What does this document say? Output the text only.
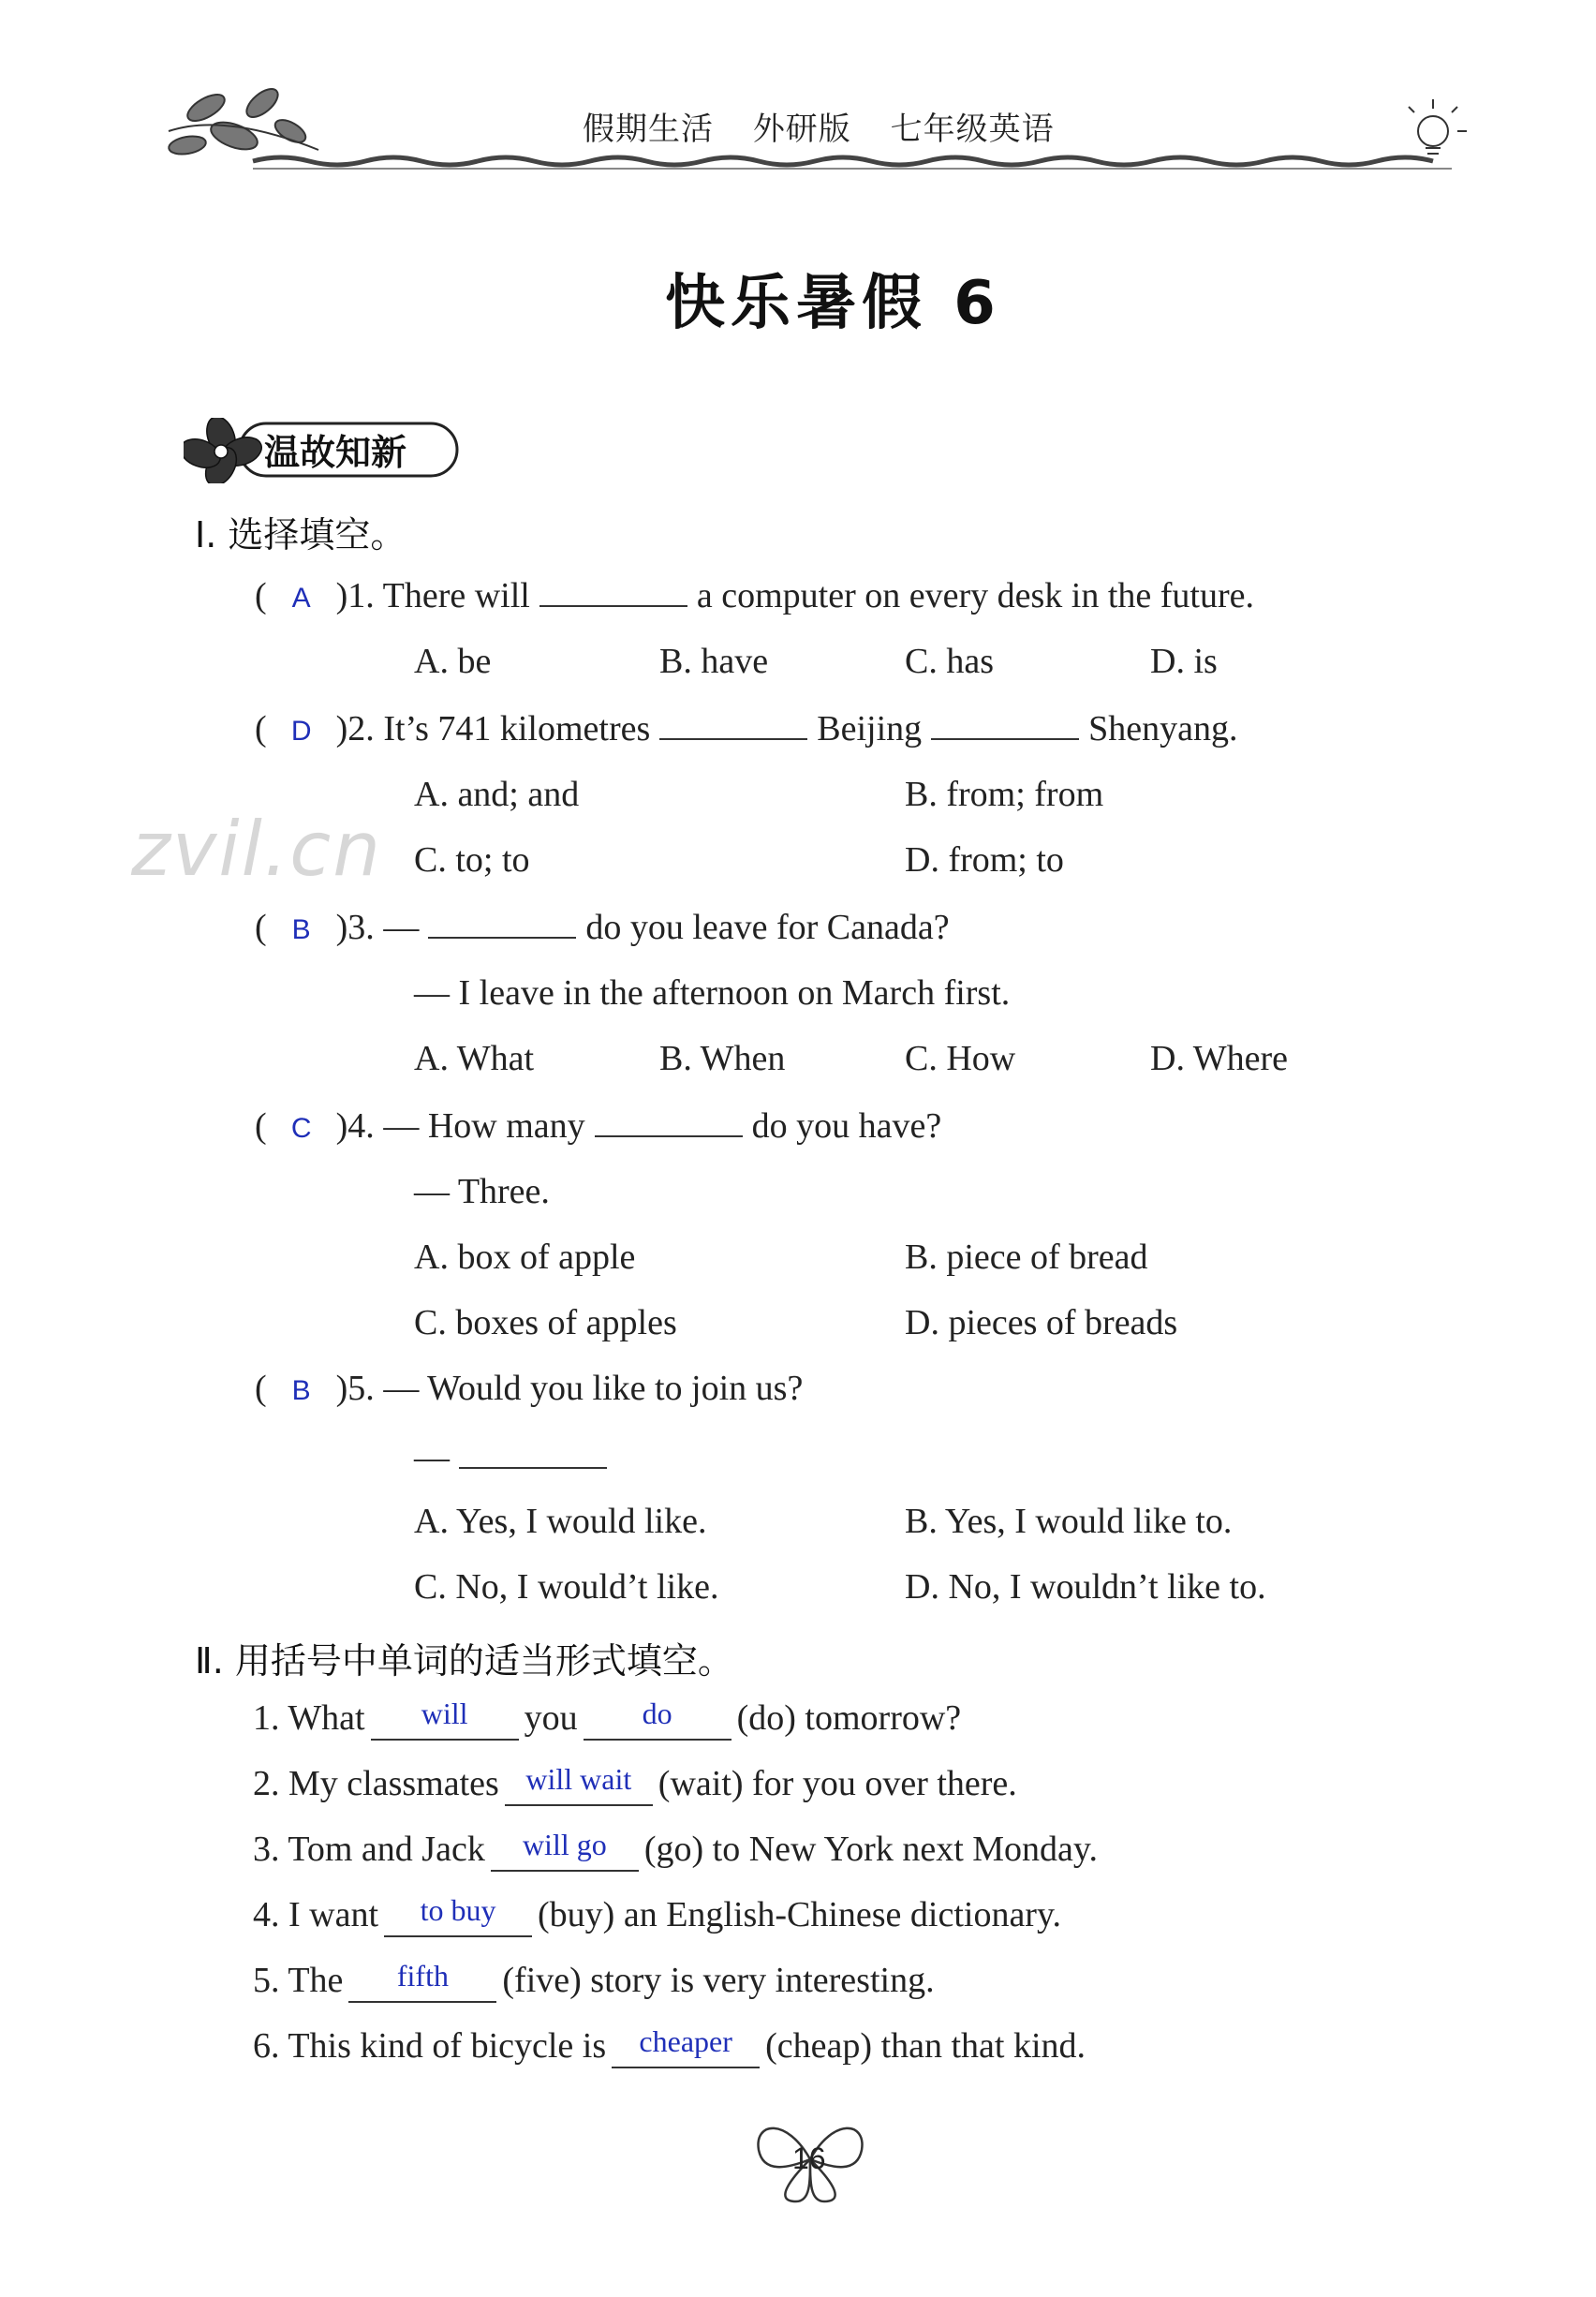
假期生活 外研版 七年级英语
快乐暑假 6
温故知新
zvil.cn
Ⅰ. 选择填空。
( A )1. There will	a computer on every desk in the future.
A. be	B. have	C. has	D. is
( D )2. It’s 741 kilometres	Beijing	Shenyang.
A. and; and	B. from; from
C. to; to	D. from; to
( B )3. —	do you leave for Canada?
— I leave in the afternoon on March first.
A. What	B. When	C. How	D. Where
( C )4. — How many	do you have?
— Three.
A. box of apple	B. piece of bread
C. boxes of apples	D. pieces of breads
( B )5. — Would you like to join us?
—
A. Yes, I would like.	B. Yes, I would like to.
C. No, I would’t like.	D. No, I wouldn’t like to.
Ⅱ. 用括号中单词的适当形式填空。
1. What will you do (do) tomorrow?
2. My classmates will wait (wait) for you over there.
3. Tom and Jack will go (go) to New York next Monday.
4. I want to buy (buy) an English-Chinese dictionary.
5. The fifth (five) story is very interesting.
6. This kind of bicycle is cheaper (cheap) than that kind.
16
